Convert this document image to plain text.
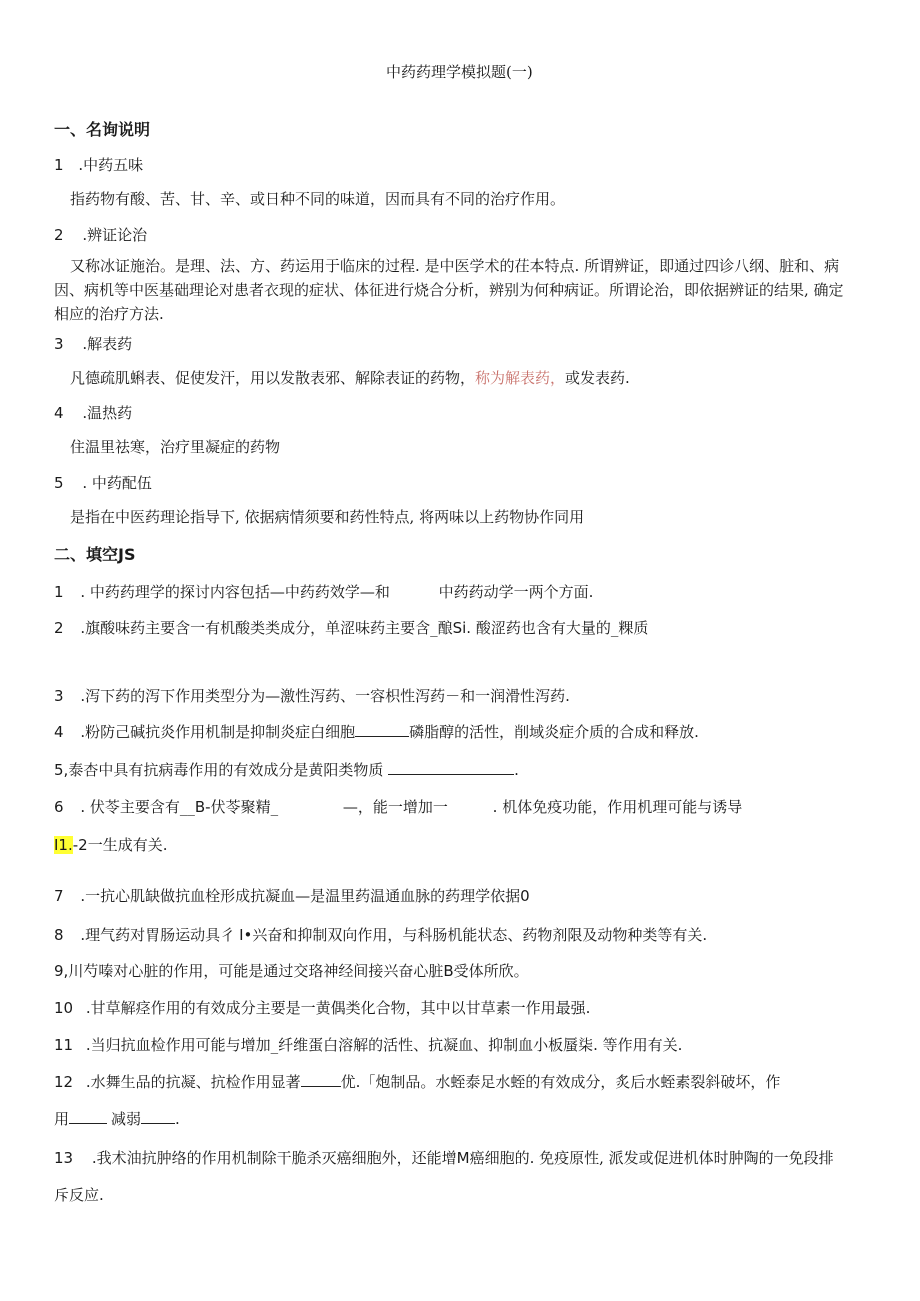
中药药理学模拟题(一)
一、名询说明
1 .中药五味
指药物有酸、苦、甘、辛、或日种不同的味道，因而具有不同的治疗作用。
2 .辨证论治
又称冰证施治。是理、法、方、药运用于临床的过程. 是中医学术的茌本特点. 所谓辨证，即通过四诊八纲、脏和、病
因、病机等中医基础理论对患者衣现的症状、体征进行烧合分析，辨别为何种病证。所谓论治，即依据辨证的结果, 确定
相应的治疗方法.
3 .解表药
凡德疏肌蝌表、促使发汗，用以发散表邪、解除表证的药物，称为解表药，或发表药.
4 .温热药
住温里祛寒，治疗里凝症的药物
5 . 中药配伍
是指在中医药理论指导下, 依据病情须要和药性特点, 将两味以上药物协作同用
二、填空JS
1 . 中药药理学的探讨内容包括—中药药效学—和	中药药动学一两个方面.
2 .旗酸味药主要含一有机酸类类成分，单涩味药主要含_酿Si. 酸涩药也含有大量的_粿质
3 .泻下药的泻下作用类型分为—激性泻药、一容枳性泻药－和一润滑性泻药.
4 .粉防己碱抗炎作用机制是抑制炎症白细胞	磷脂醇的活性，削域炎症介质的合成和释放.
5,泰杏中具有抗病毒作用的有效成分是黄阳类物质	.
6 . 伏苓主要含有__B-伏苓聚精_	—，能一增加一	. 机体免疫功能，作用机理可能与诱导
I1.-2一生成有关.
7 .一抗心肌缺做抗血栓形成抗凝血—是温里药温通血脉的药理学依据0
8 .理气药对胃肠运动具彳 I•兴奋和抑制双向作用，与科肠机能状态、药物剂限及动物种类等有关.
9,川芍嗪对心脏的作用，可能是通过交珞神经间接兴奋心脏B受体所欣。
10 .甘草解痉作用的有效成分主要是一黄偶类化合物，其中以甘草素一作用最强.
11 .当归抗血检作用可能与增加_纤维蛋白溶解的活性、抗凝血、抑制血小板蜃柒. 等作用有关.
12 .水舞生品的抗凝、抗检作用显著	优.「炮制品。水蛭泰足水蛭的有效成分，炙后水蛭素裂斜破坏，作
用	减弱 .
13 .我术油抗肿络的作用机制除干脆杀灭癌细胞外，还能增M癌细胞的. 免疫原性, 派发或促进机体时肿陶的一免段排
斥反应.
